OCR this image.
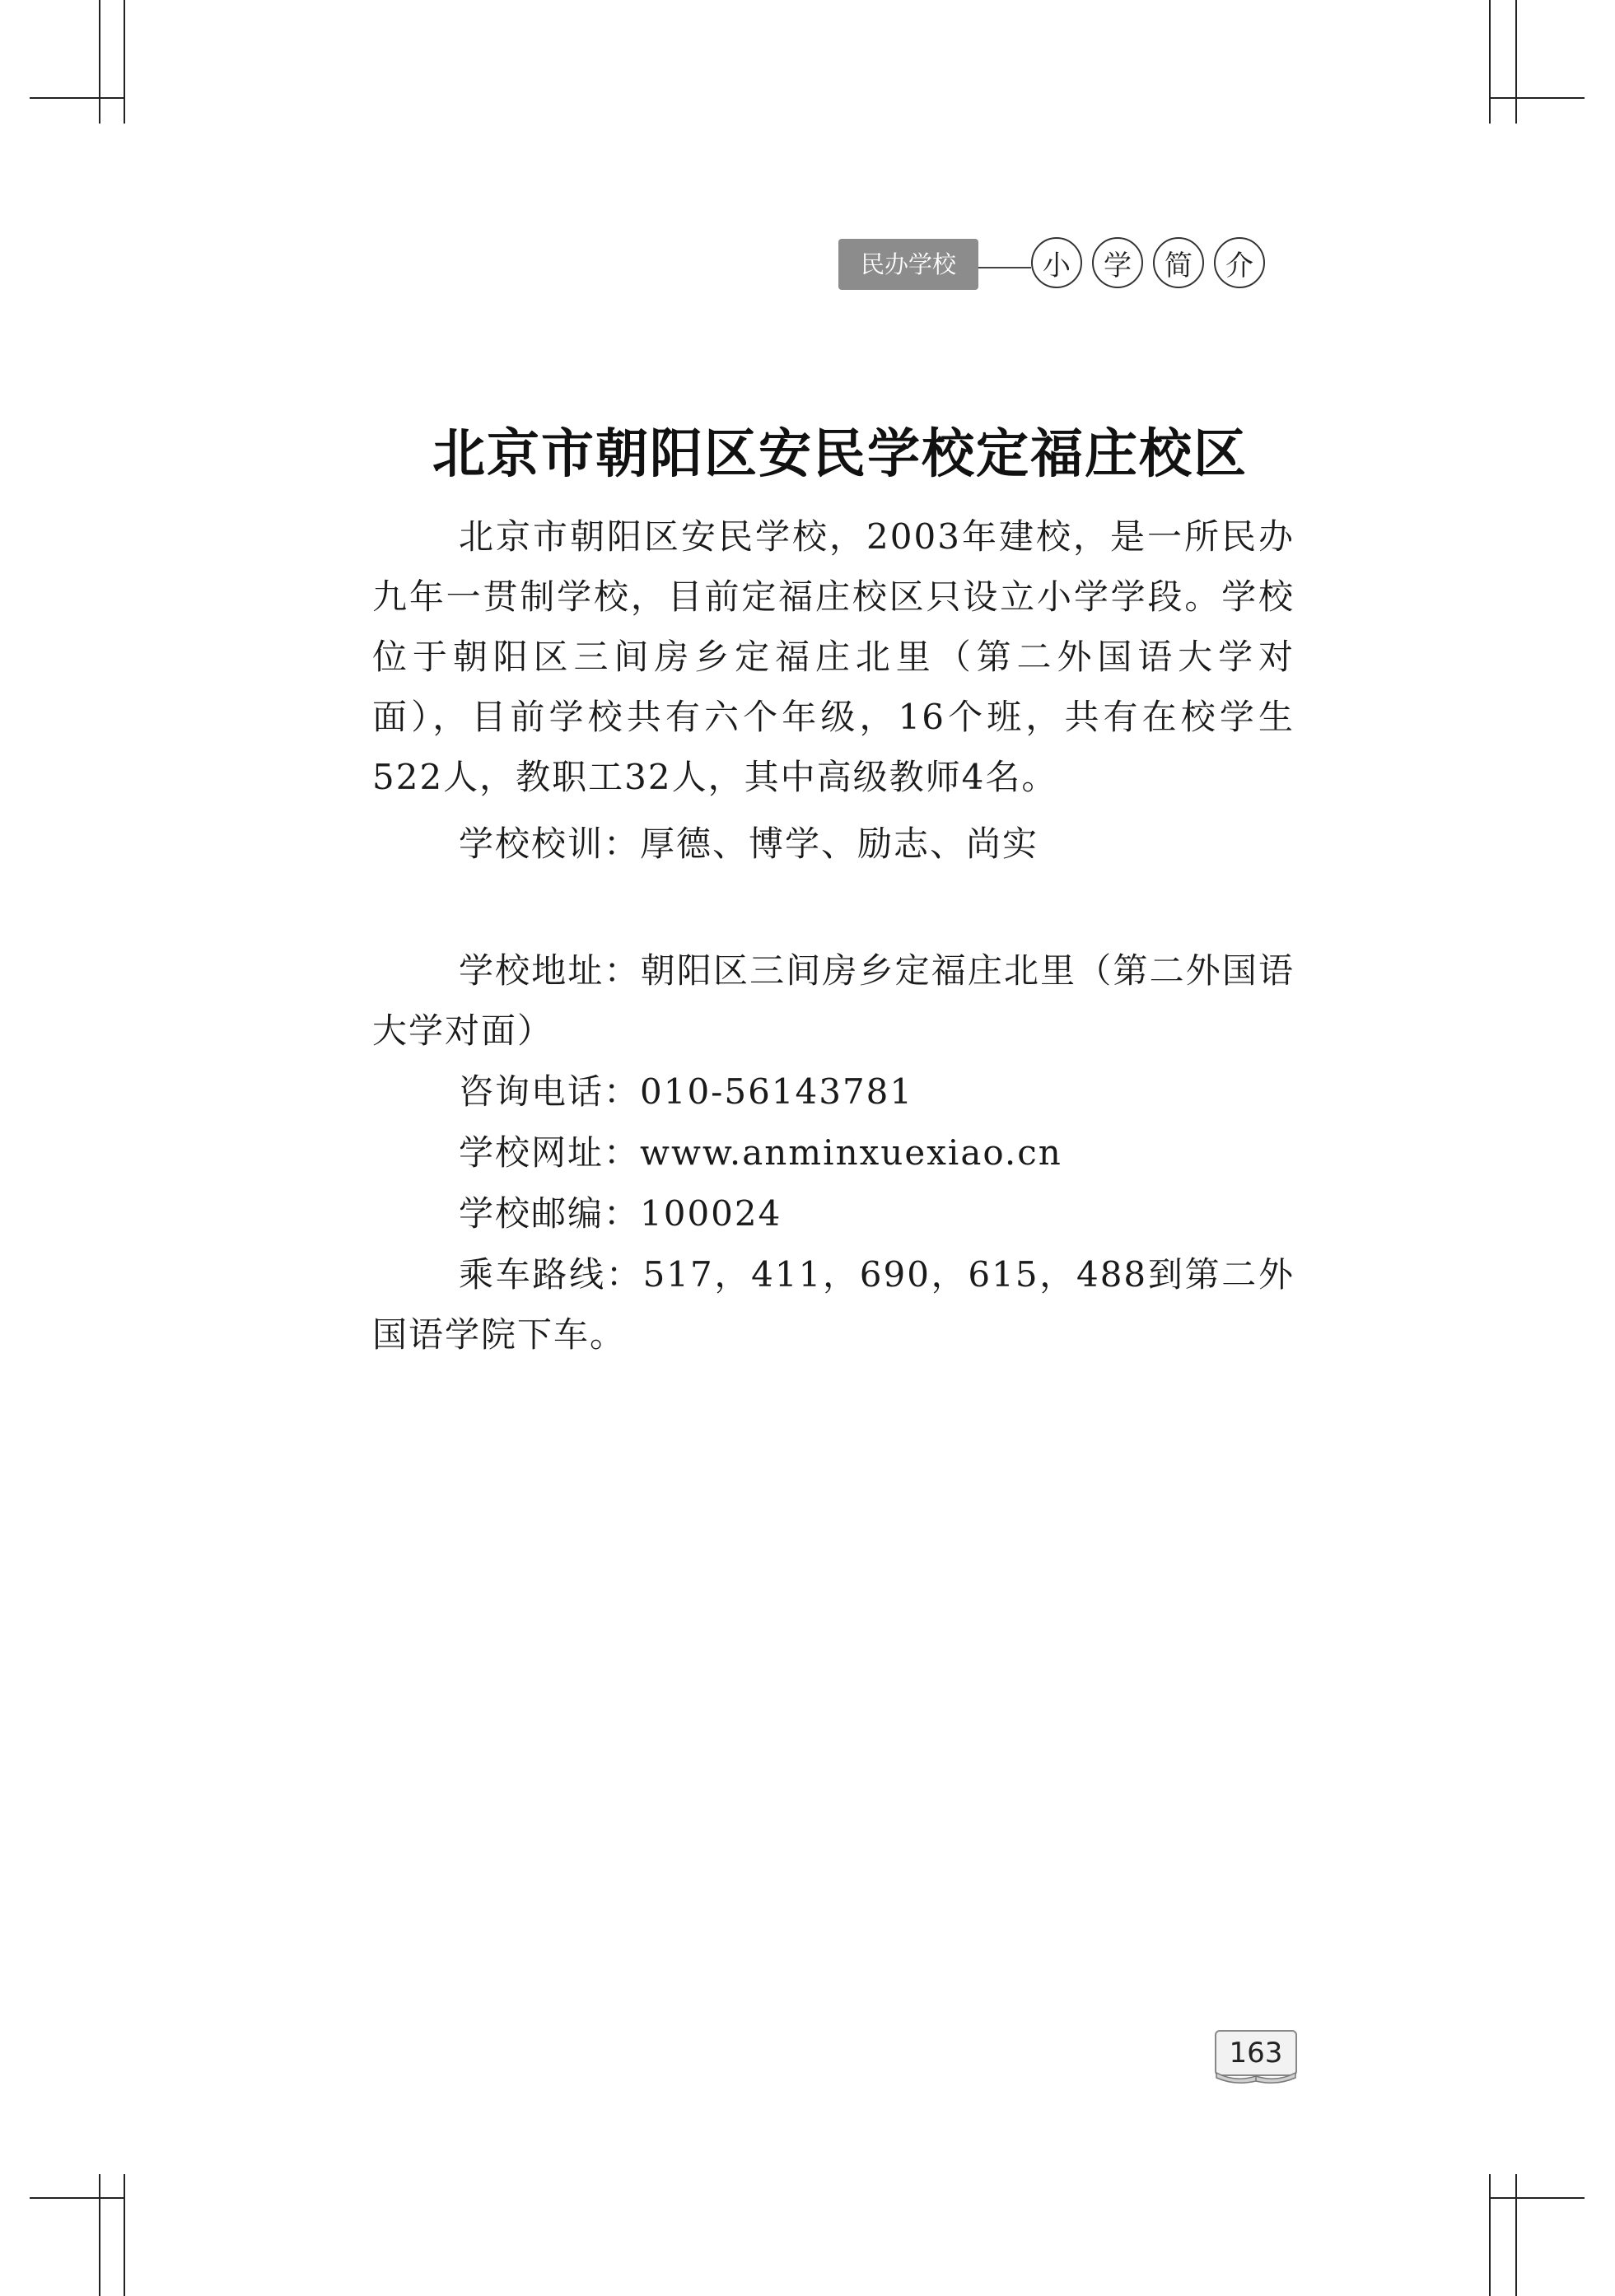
民办学校	小	学	简	介
北京市朝阳区安民学校定福庄校区

北京市朝阳区安民学校，2003年建校，是一所民办九年一贯制学校，目前定福庄校区只设立小学学段。学校位于朝阳区三间房乡定福庄北里（第二外国语大学对面），目前学校共有六个年级，16个班，共有在校学生522人，教职工32人，其中高级教师4名。

学校校训：厚德、博学、励志、尚实

学校地址：朝阳区三间房乡定福庄北里（第二外国语大学对面）

咨询电话：010-56143781

学校网址：www.anminxuexiao.cn

学校邮编：100024

乘车路线：517，411，690，615，488到第二外国语学院下车。

163
